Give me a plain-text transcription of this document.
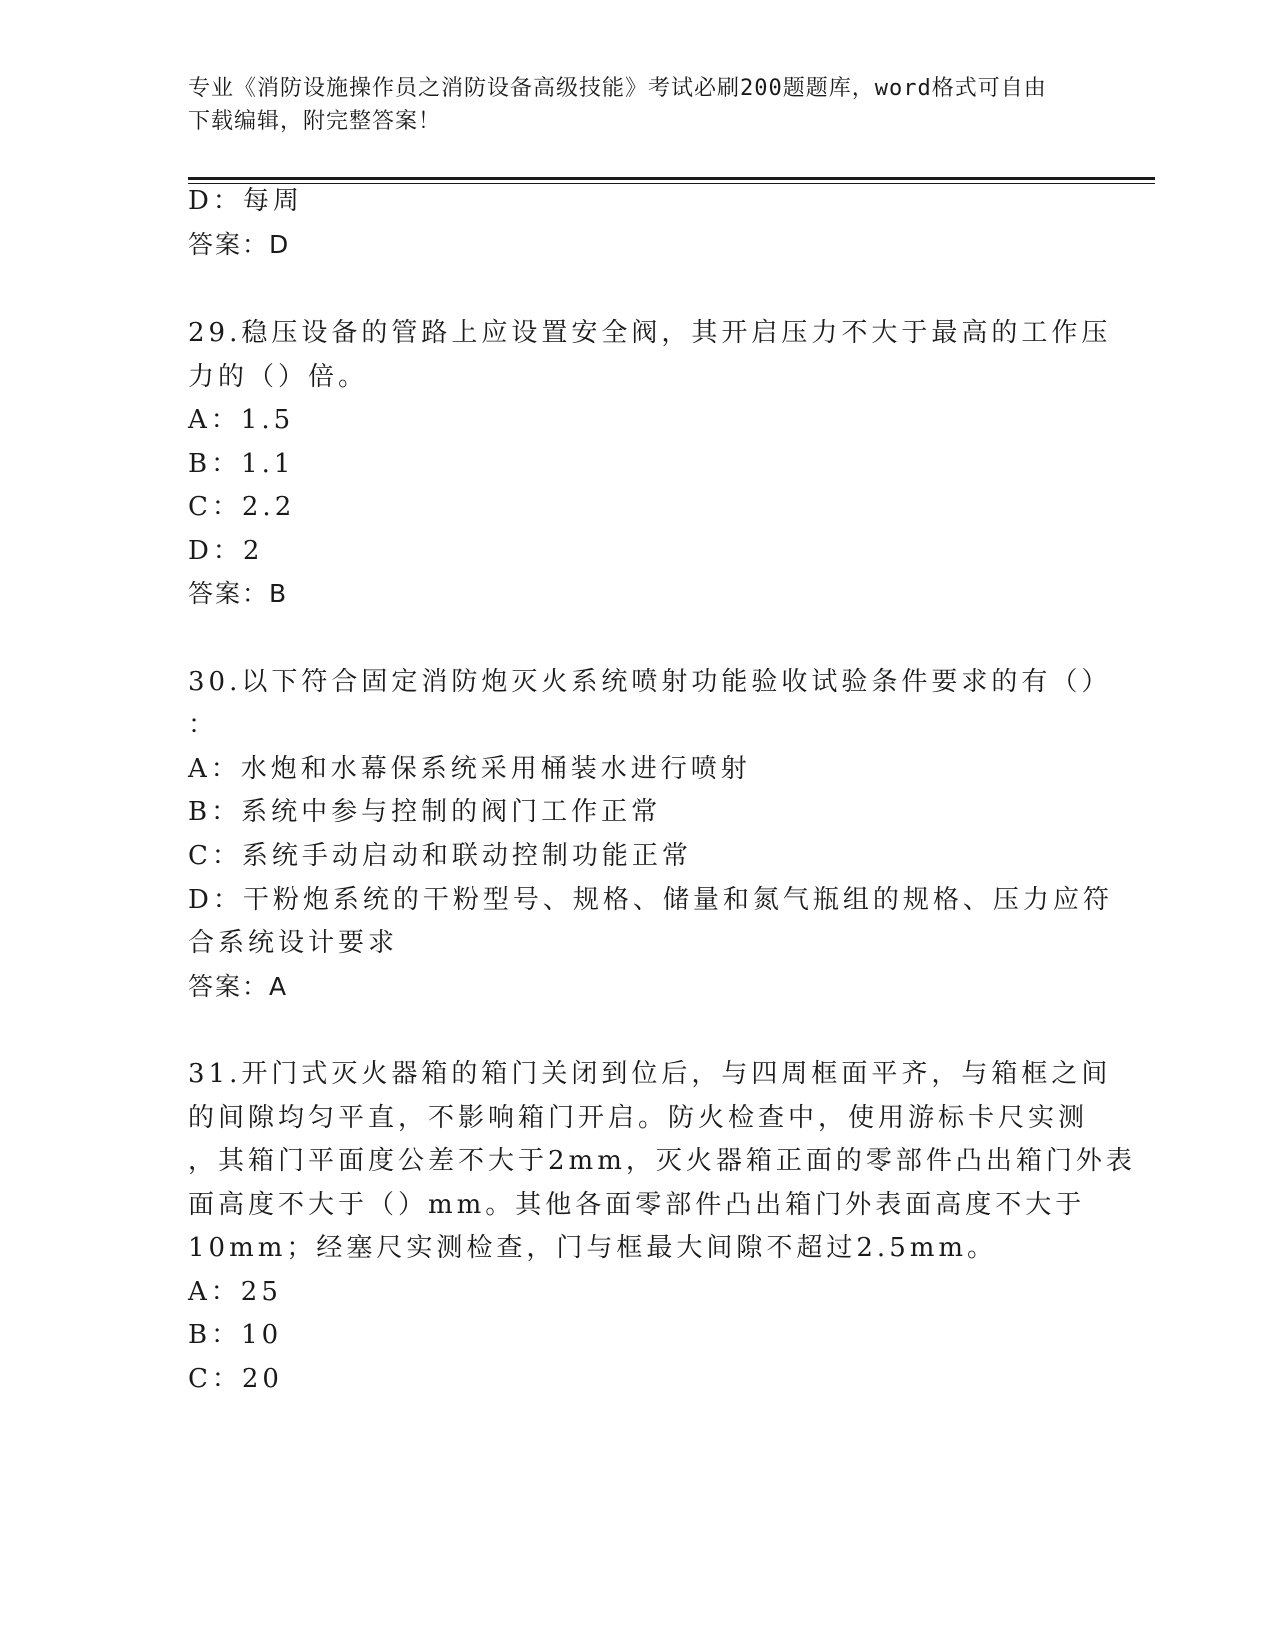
专业《消防设施操作员之消防设备高级技能》考试必刷200题题库，word格式可自由下载编辑，附完整答案！
D：每周
答案：D
29.稳压设备的管路上应设置安全阀，其开启压力不大于最高的工作压
力的（）倍。
A：1.5
B：1.1
C：2.2
D：2
答案：B
30.以下符合固定消防炮灭火系统喷射功能验收试验条件要求的有（）
：
A：水炮和水幕保系统采用桶装水进行喷射
B：系统中参与控制的阀门工作正常
C：系统手动启动和联动控制功能正常
D：干粉炮系统的干粉型号、规格、储量和氮气瓶组的规格、压力应符
合系统设计要求
答案：A
31.开门式灭火器箱的箱门关闭到位后，与四周框面平齐，与箱框之间
的间隙均匀平直，不影响箱门开启。防火检查中，使用游标卡尺实测
，其箱门平面度公差不大于2mm，灭火器箱正面的零部件凸出箱门外表
面高度不大于（）mm。其他各面零部件凸出箱门外表面高度不大于
10mm；经塞尺实测检查，门与框最大间隙不超过2.5mm。
A：25
B：10
C：20
